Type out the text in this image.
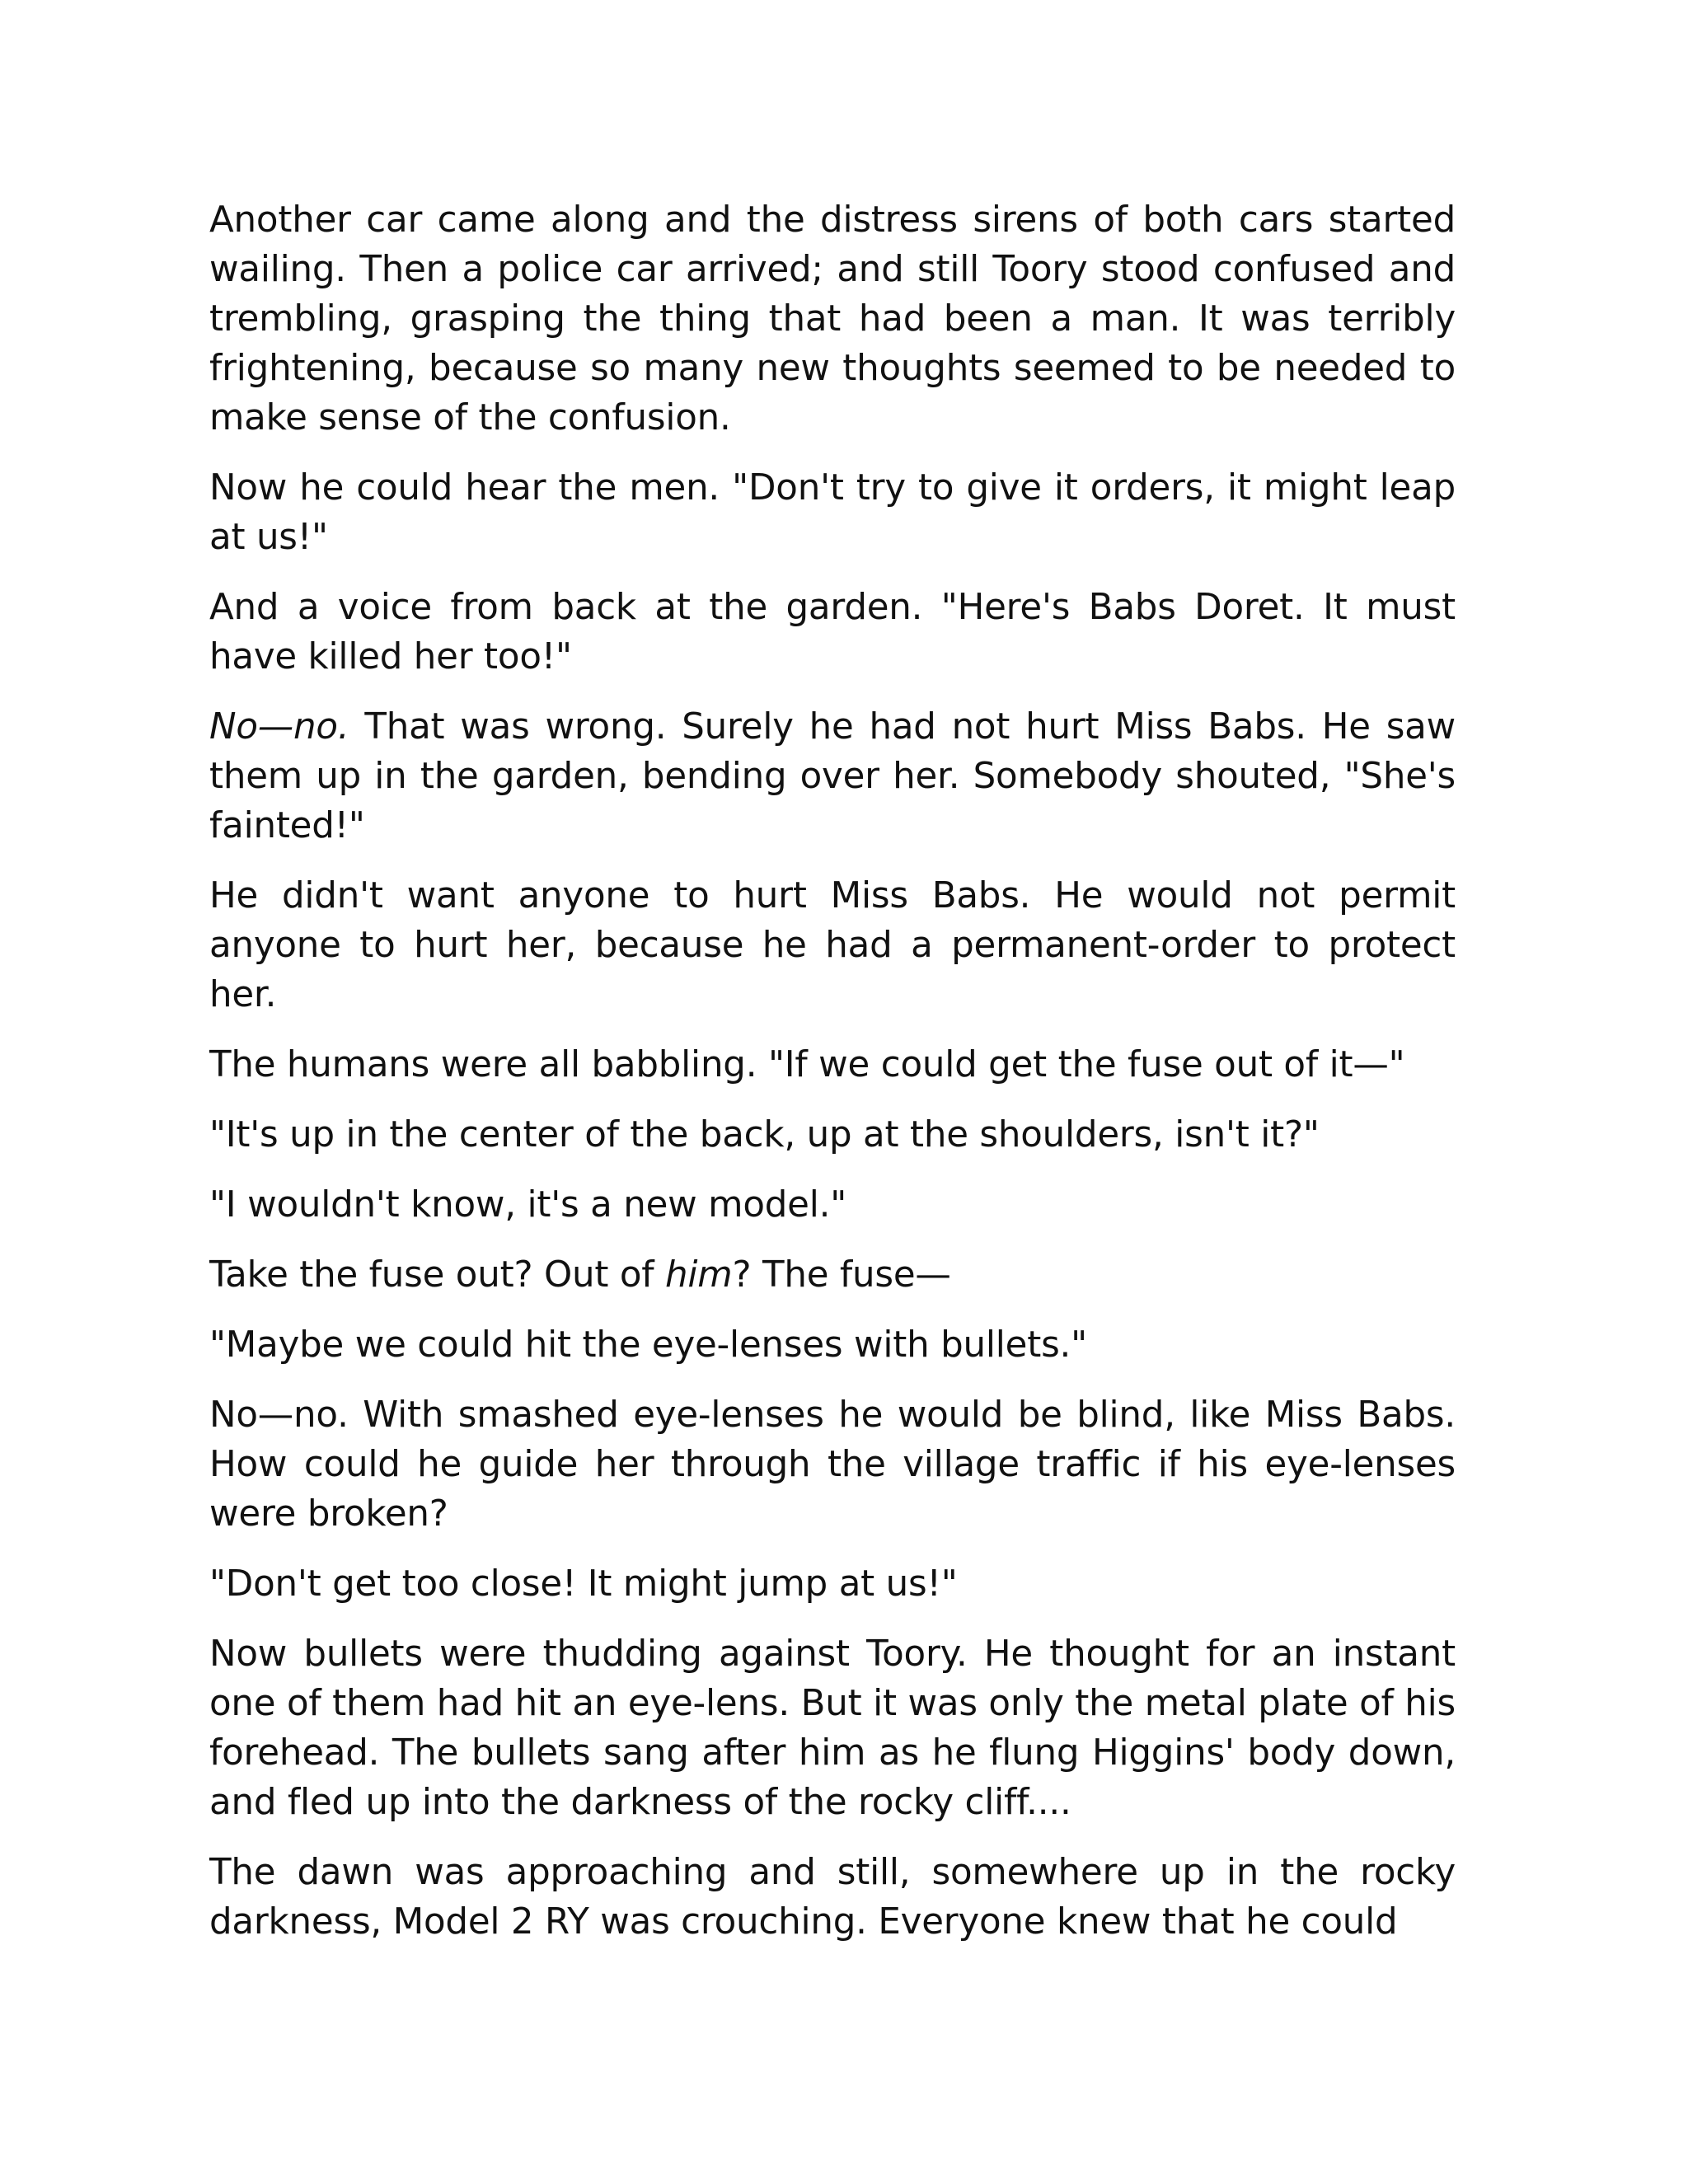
Another car came along and the distress sirens of both cars started wailing. Then a police car arrived; and still Toory stood confused and trembling, grasping the thing that had been a man. It was terribly frightening, because so many new thoughts seemed to be needed to make sense of the confusion.

Now he could hear the men. "Don't try to give it orders, it might leap at us!"

And a voice from back at the garden. "Here's Babs Doret. It must have killed her too!"

No—no. That was wrong. Surely he had not hurt Miss Babs. He saw them up in the garden, bending over her. Somebody shouted, "She's fainted!"

He didn't want anyone to hurt Miss Babs. He would not permit anyone to hurt her, because he had a permanent-order to protect her.

The humans were all babbling. "If we could get the fuse out of it—"

"It's up in the center of the back, up at the shoulders, isn't it?"

"I wouldn't know, it's a new model."

Take the fuse out? Out of him? The fuse—

"Maybe we could hit the eye-lenses with bullets."

No—no. With smashed eye-lenses he would be blind, like Miss Babs. How could he guide her through the village traffic if his eye-lenses were broken?

"Don't get too close! It might jump at us!"

Now bullets were thudding against Toory. He thought for an instant one of them had hit an eye-lens. But it was only the metal plate of his forehead. The bullets sang after him as he flung Higgins' body down, and fled up into the darkness of the rocky cliff....

The dawn was approaching and still, somewhere up in the rocky darkness, Model 2 RY was crouching. Everyone knew that he could
